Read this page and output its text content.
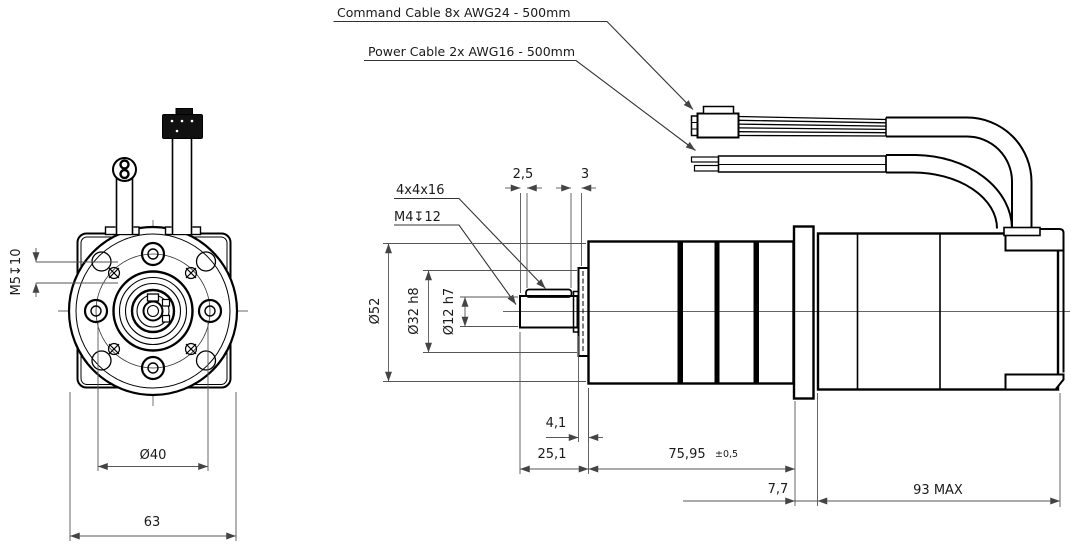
Command Cable 8x AWG24 - 500mm
Power Cable 2x AWG16 - 500mm
4x4x16
M4↧12
2,5	3
4,1
25,1	75,95 ±0,5
7,7	93 MAX
Ø52 Ø32 h8 Ø12 h7
M5↧10
Ø40
63
